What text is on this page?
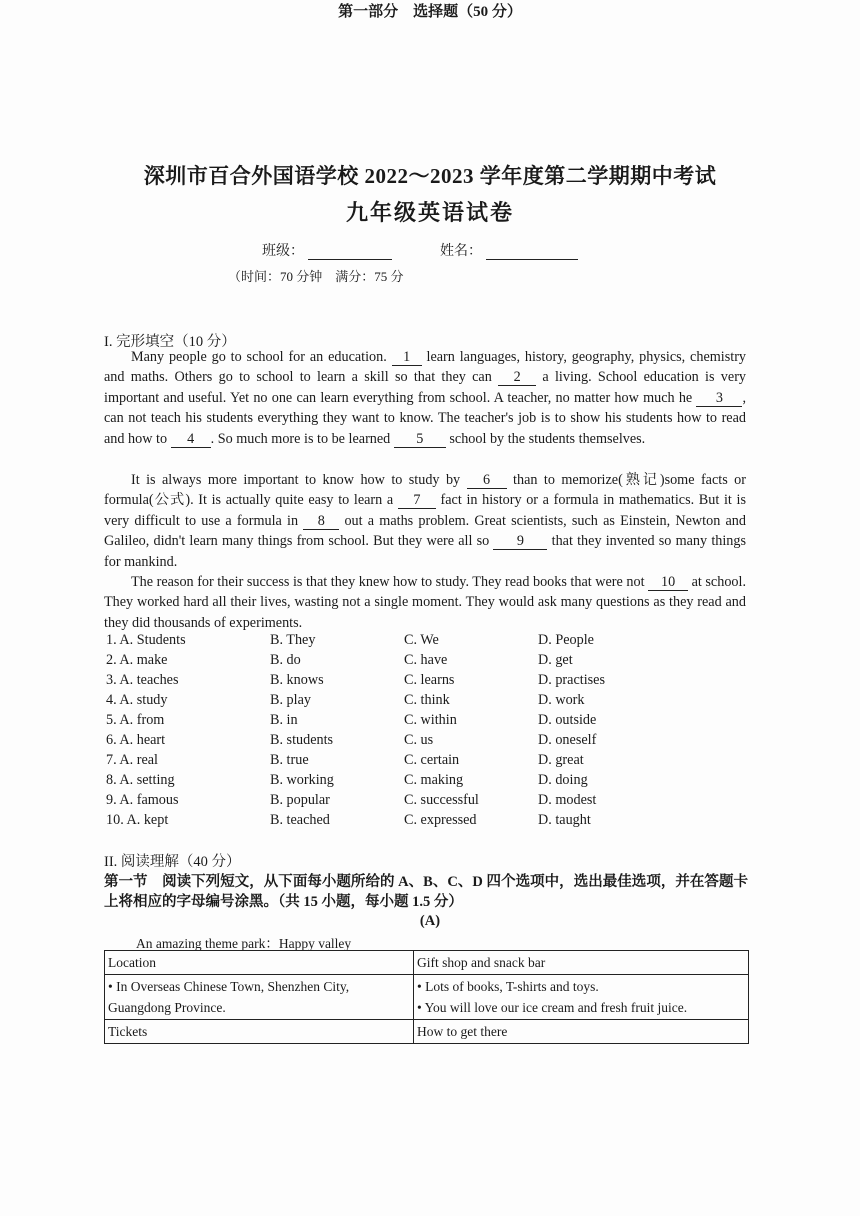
深圳市百合外国语学校 2022～2023 学年度第二学期期中考试
九年级英语试卷
班级：	姓名：
（时间：70 分钟　满分：75 分
第一部分　选择题（50 分）
I. 完形填空（10 分）
Many people go to school for an education. 1 learn languages, history, geography, physics, chemistry and maths. Others go to school to learn a skill so that they can 2 a living. School education is very important and useful. Yet no one can learn everything from school. A teacher, no matter how much he 3 , can not teach his students everything they want to know. The teacher's job is to show his students how to read and how to 4 . So much more is to be learned 5 school by the students themselves.
It is always more important to know how to study by 6 than to memorize(熟记)some facts or formula(公式). It is actually quite easy to learn a 7 fact in history or a formula in mathematics. But it is very difficult to use a formula in 8 out a maths problem. Great scientists, such as Einstein, Newton and Galileo, didn't learn many things from school. But they were all so 9 that they invented so many things for mankind.
The reason for their success is that they knew how to study. They read books that were not 10 at school. They worked hard all their lives, wasting not a single moment. They would ask many questions as they read and they did thousands of experiments.
1. A. Students	B. They	C. We	D. People
2. A. make	B. do	C. have	D. get
3. A. teaches	B. knows	C. learns	D. practises
4. A. study	B. play	C. think	D. work
5. A. from	B. in	C. within	D. outside
6. A. heart	B. students	C. us	D. oneself
7. A. real	B. true	C. certain	D. great
8. A. setting	B. working	C. making	D. doing
9. A. famous	B. popular	C. successful	D. modest
10. A. kept	B. teached	C. expressed	D. taught
II. 阅读理解（40 分）
第一节　阅读下列短文，从下面每小题所给的 A、B、C、D 四个选项中，选出最佳选项，并在答题卡上将相应的字母编号涂黑。（共 15 小题，每小题 1.5 分）
(A)
An amazing theme park：Happy valley
Location	Gift shop and snack bar
• In Overseas Chinese Town, Shenzhen City, Guangdong Province.	• Lots of books, T-shirts and toys.
• You will love our ice cream and fresh fruit juice.

Tickets	How to get there
